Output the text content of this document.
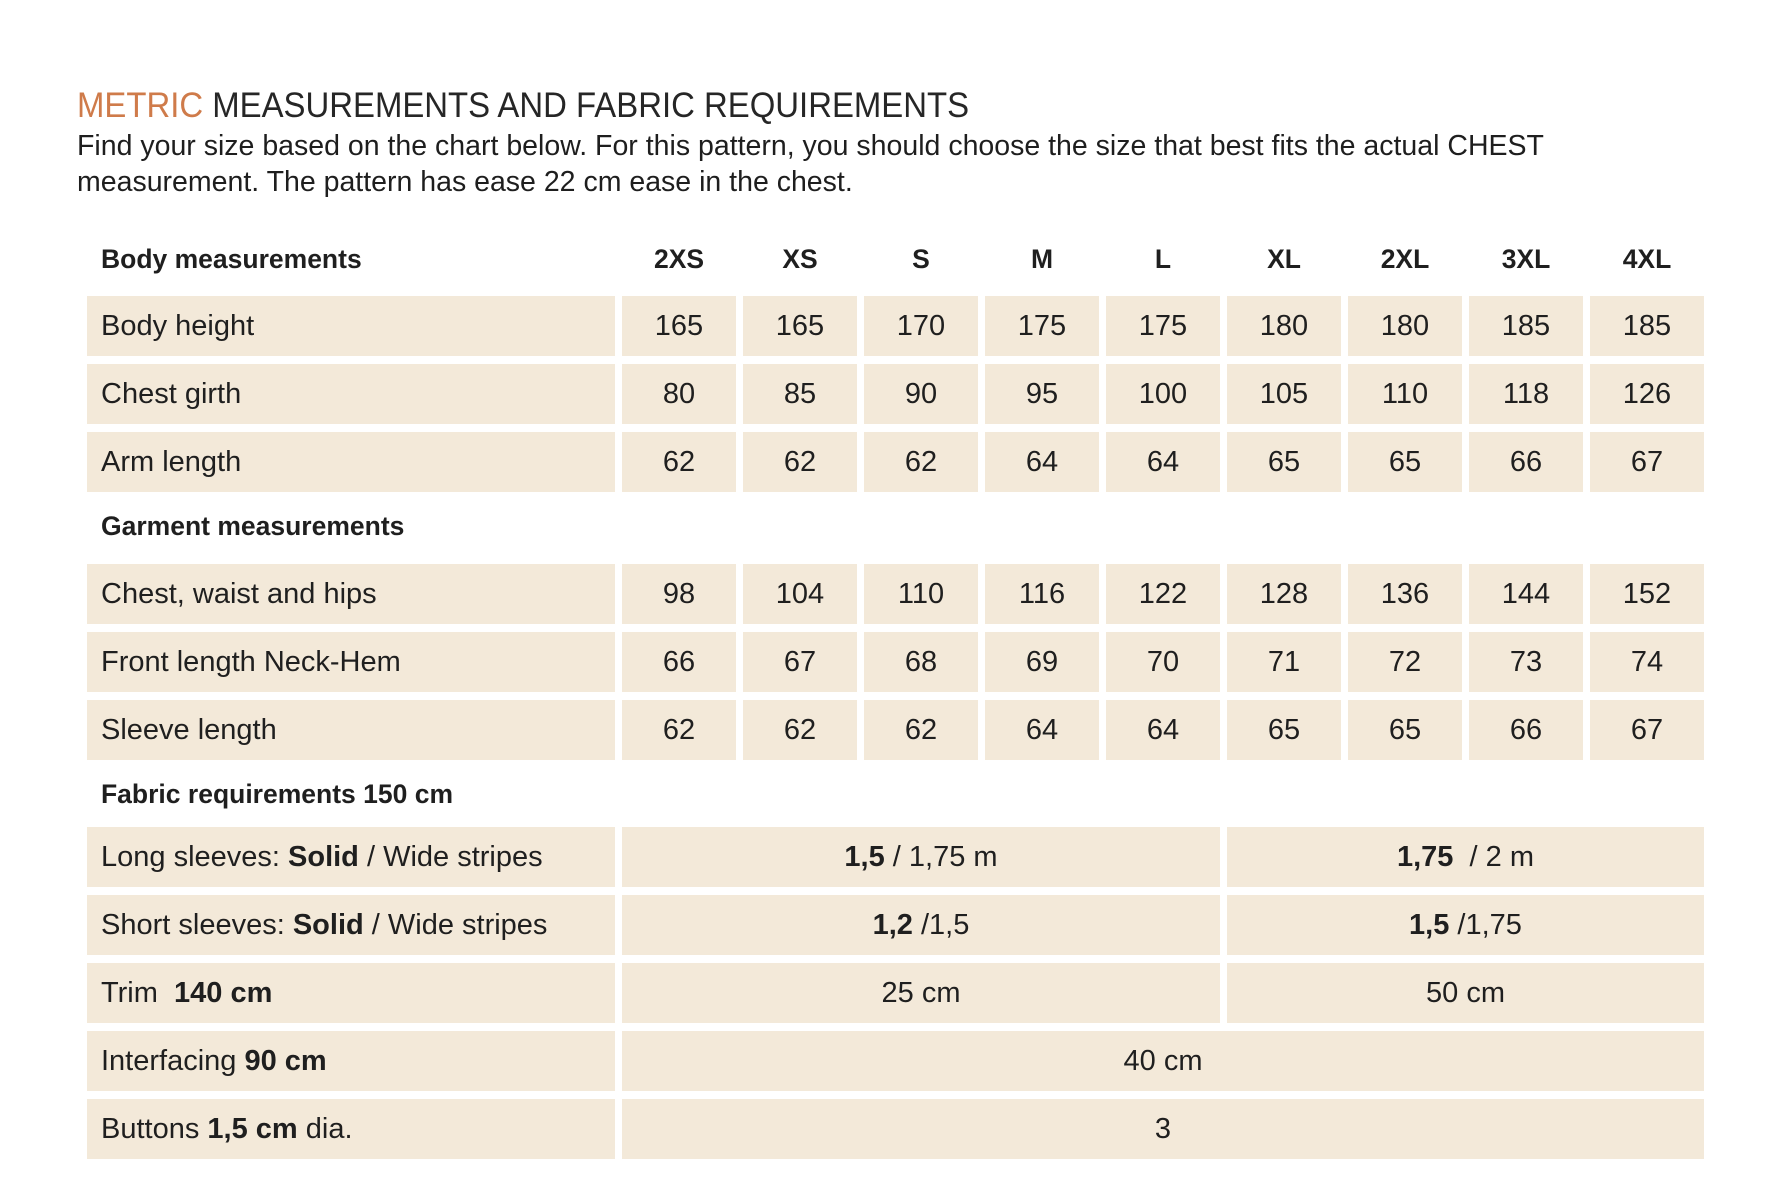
METRIC MEASUREMENTS AND FABRIC REQUIREMENTS

Find your size based on the chart below. For this pattern, you should choose the size that best fits the actual CHEST measurement. The pattern has ease 22 cm ease in the chest.

Body measurements	2XS	XS	S	M	L	XL	2XL	3XL	4XL
Body height	165	165	170	175	175	180	180	185	185
Chest girth	80	85	90	95	100	105	110	118	126
Arm length	62	62	62	64	64	65	65	66	67
Garment measurements
Chest, waist and hips	98	104	110	116	122	128	136	144	152
Front length Neck-Hem	66	67	68	69	70	71	72	73	74
Sleeve length	62	62	62	64	64	65	65	66	67
Fabric requirements 150 cm
Long sleeves: Solid / Wide stripes	1,5 / 1,75 m	1,75 / 2 m
Short sleeves: Solid / Wide stripes	1,2 /1,5	1,5 /1,75
Trim 140 cm	25 cm	50 cm
Interfacing 90 cm	40 cm
Buttons 1,5 cm dia.	3
